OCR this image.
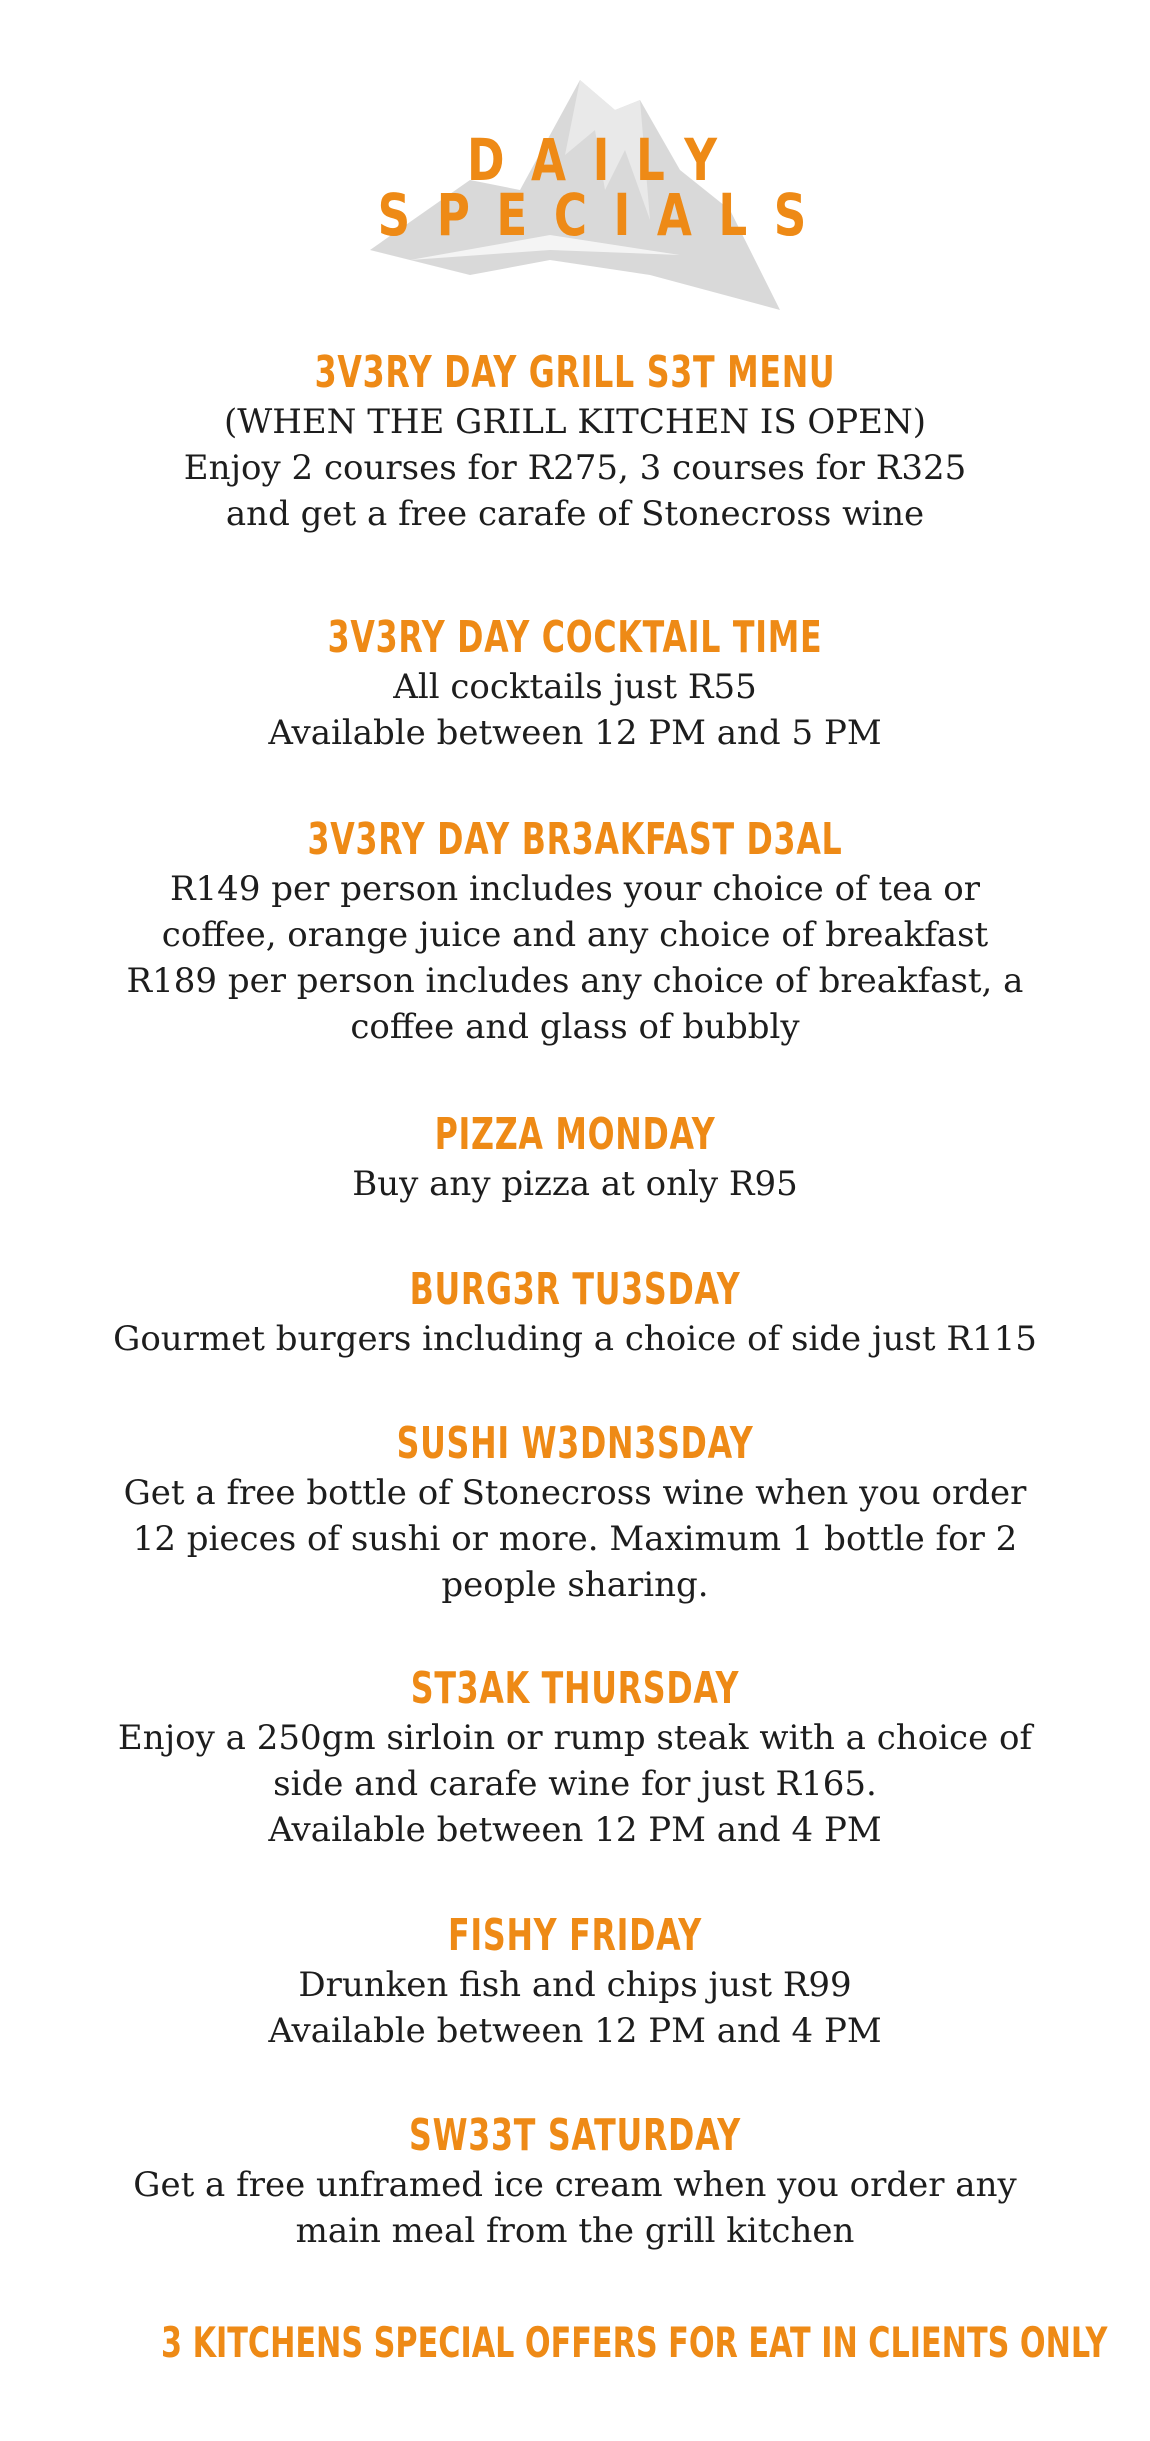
DAILY
SPECIALS

3V3RY DAY GRILL S3T MENU

(WHEN THE GRILL KITCHEN IS OPEN)

Enjoy 2 courses for R275, 3 courses for R325

and get a free carafe of Stonecross wine

3V3RY DAY COCKTAIL TIME

All cocktails just R55

Available between 12 PM and 5 PM

3V3RY DAY BR3AKFAST D3AL

R149 per person includes your choice of tea or

coffee, orange juice and any choice of breakfast

R189 per person includes any choice of breakfast, a

coffee and glass of bubbly

PIZZA MONDAY

Buy any pizza at only R95

BURG3R TU3SDAY

Gourmet burgers including a choice of side just R115

SUSHI W3DN3SDAY

Get a free bottle of Stonecross wine when you order

12 pieces of sushi or more. Maximum 1 bottle for 2

people sharing.

ST3AK THURSDAY

Enjoy a 250gm sirloin or rump steak with a choice of

side and carafe wine for just R165.

Available between 12 PM and 4 PM

FISHY FRIDAY

Drunken fish and chips just R99

Available between 12 PM and 4 PM

SW33T SATURDAY

Get a free unframed ice cream when you order any

main meal from the grill kitchen

3 KITCHENS SPECIAL OFFERS FOR EAT IN CLIENTS ONLY
